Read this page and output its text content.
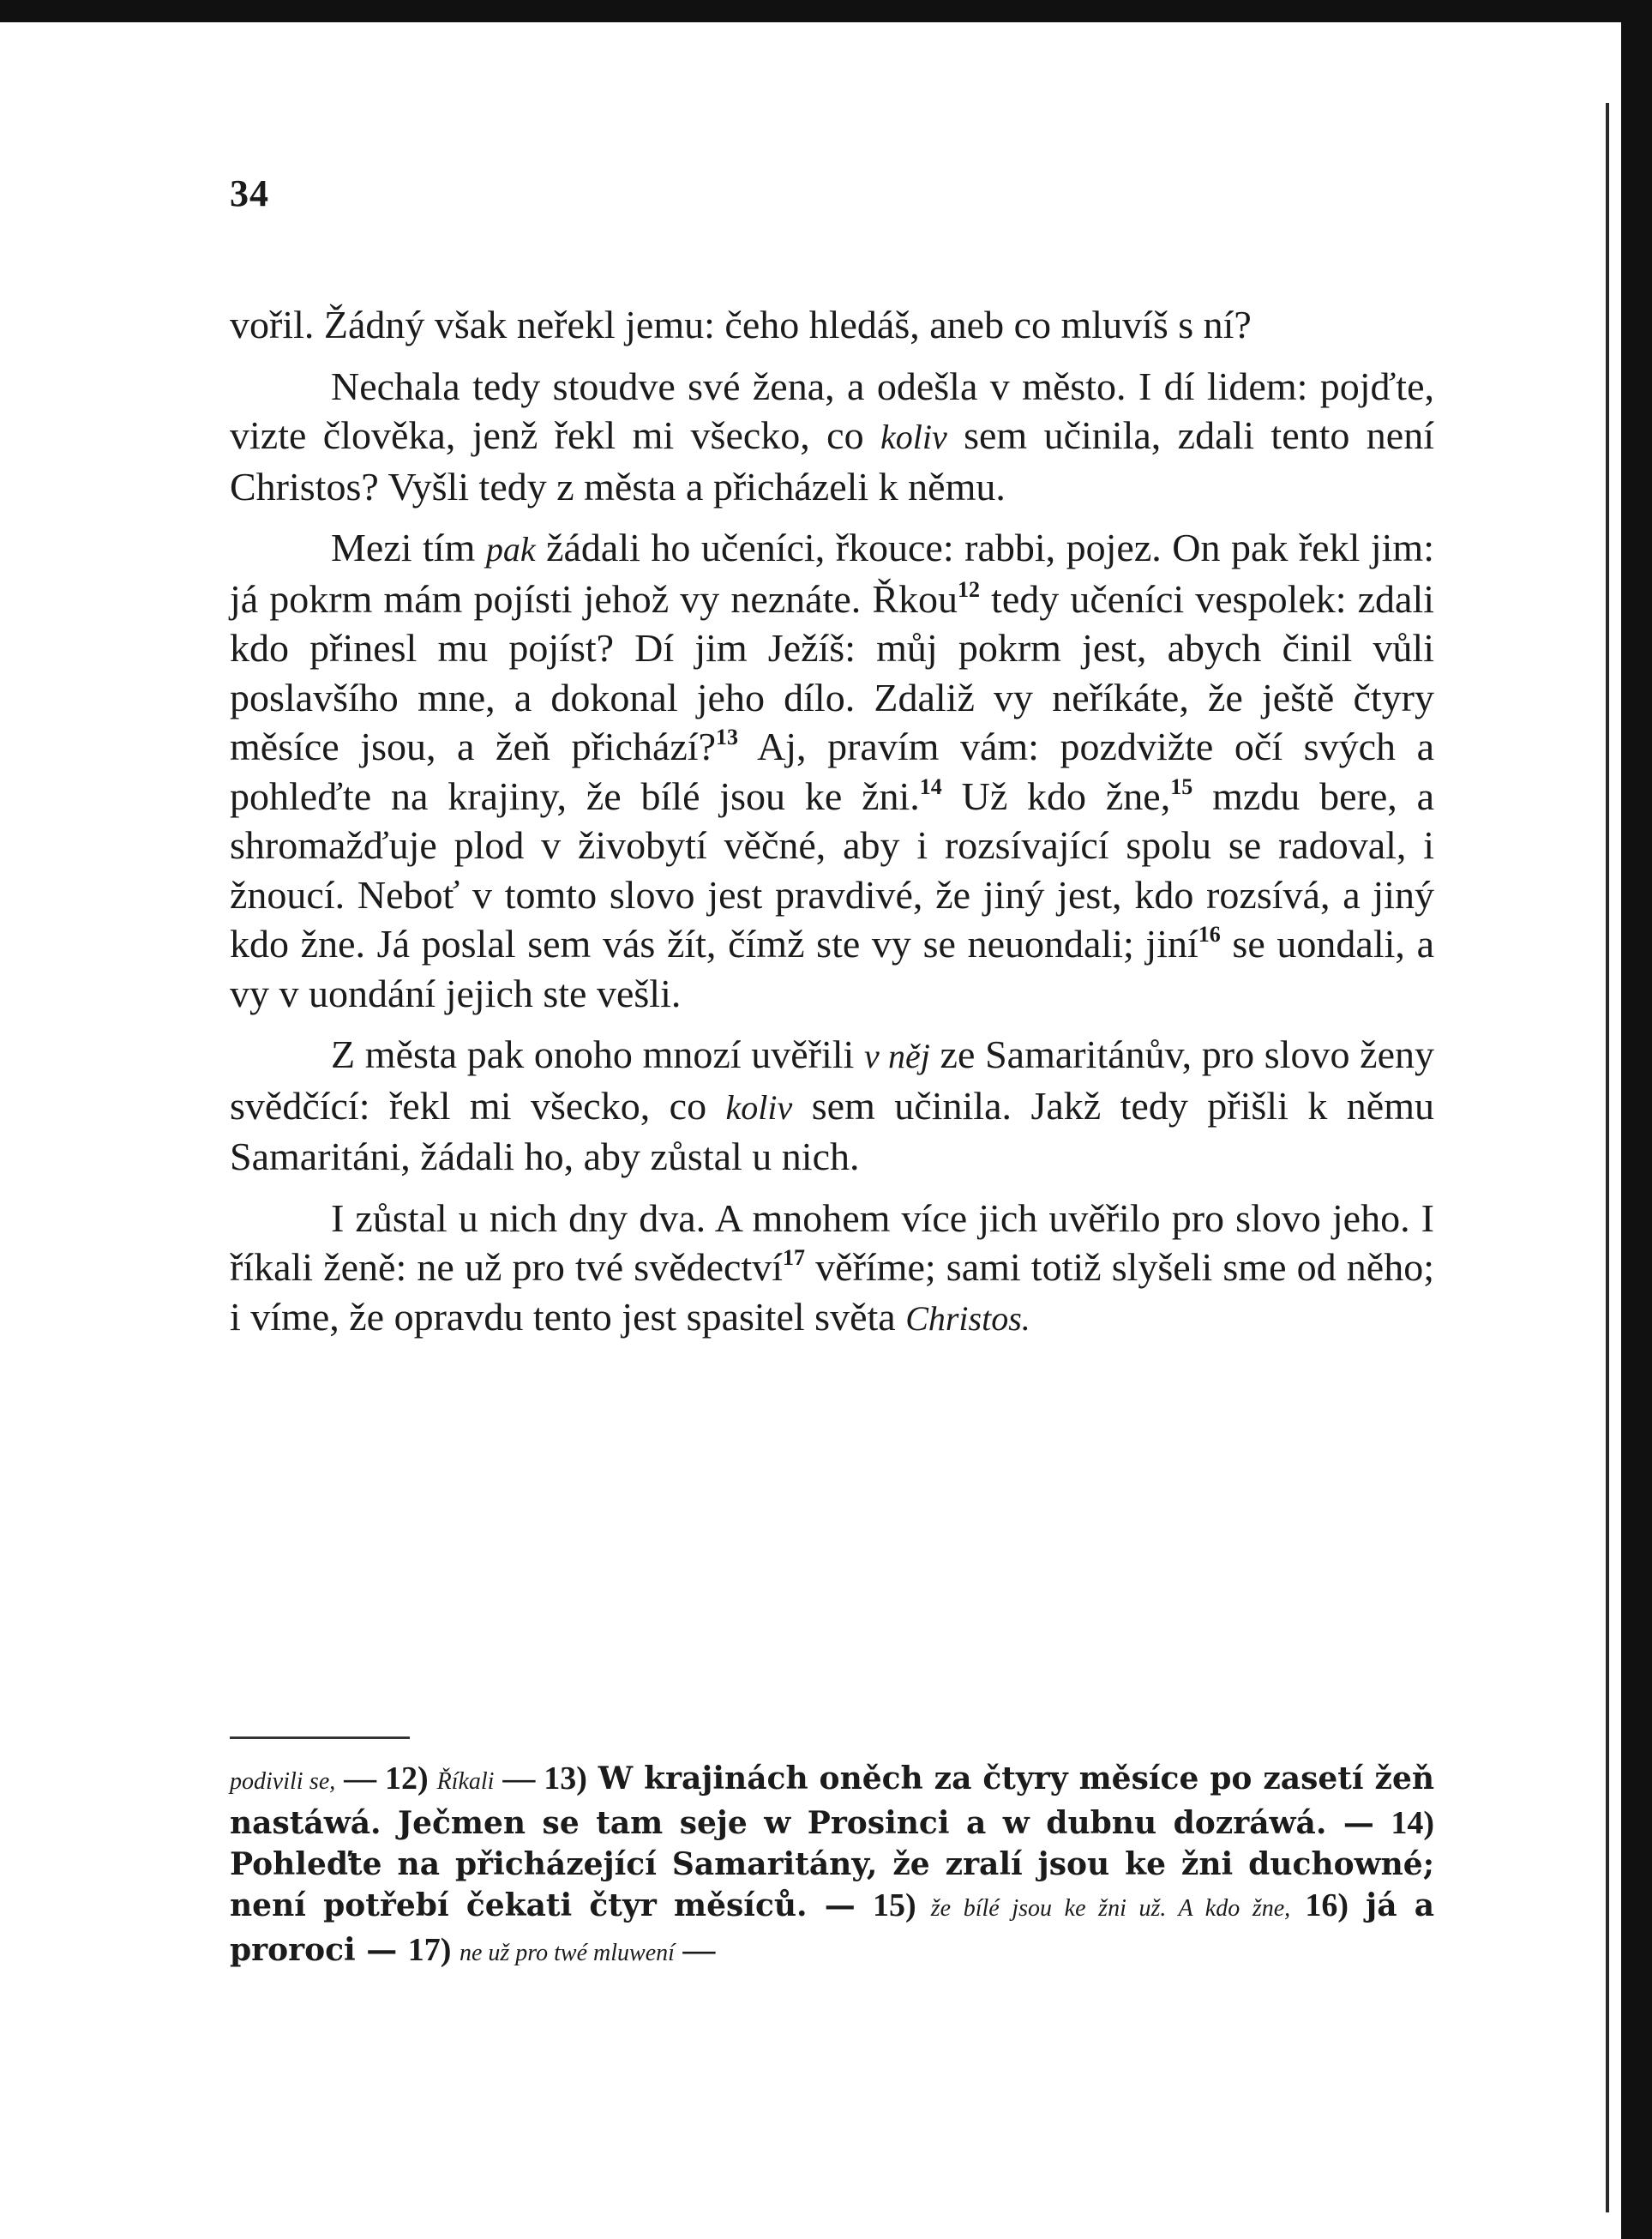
34

vořil. Žádný však neřekl jemu: čeho hledáš, aneb co mluvíš s ní?

Nechala tedy stoudve své žena, a odešla v město. I dí lidem: pojďte, vizte člověka, jenž řekl mi všecko, co koliv sem učinila, zdali tento není Christos? Vyšli tedy z města a přicházeli k němu.

Mezi tím pak žádali ho učeníci, řkouce: rabbi, pojez. On pak řekl jim: já pokrm mám pojísti jehož vy neznáte. Řkou$^{12}$ tedy učeníci vespolek: zdali kdo přinesl mu pojíst? Dí jim Ježíš: můj pokrm jest, abych činil vůli poslavšího mne, a dokonal jeho dílo. Zdaliž vy neříkáte, že ještě čtyry měsíce jsou, a žeň přichází?$^{13}$ Aj, pravím vám: pozdvižte očí svých a pohleďte na krajiny, že bílé jsou ke žni.$^{14}$ Už kdo žne,$^{15}$ mzdu bere, a shromažďuje plod v živobytí věčné, aby i rozsívající spolu se radoval, i žnoucí. Neboť v tomto slovo jest pravdivé, že jiný jest, kdo rozsívá, a jiný kdo žne. Já poslal sem vás žít, čímž ste vy se neuondali; jiní$^{16}$ se uondali, a vy v uondání jejich ste vešli.

Z města pak onoho mnozí uvěřili v něj ze Samaritánův, pro slovo ženy svědčící: řekl mi všecko, co koliv sem učinila. Jakž tedy přišli k němu Samaritáni, žádali ho, aby zůstal u nich.

I zůstal u nich dny dva. A mnohem více jich uvěřilo pro slovo jeho. I říkali ženě: ne už pro tvé svědectví$^{17}$ věříme; sami totiž slyšeli sme od něho; i víme, že opravdu tento jest spasitel světa Christos.

podivili se, — 12) Říkali — 13) W krajinách oněch za čtyry měsíce po zasetí žeň nastáwá. Ječmen se tam seje w Prosinci a w dubnu dozráwá. — 14) Pohleďte na přicházející Samaritány, že zralí jsou ke žni duchowné; není potřebí čekati čtyr měsíců. — 15) že bílé jsou ke žni už. A kdo žne, 16) já a proroci — 17) ne už pro twé mluwení —
